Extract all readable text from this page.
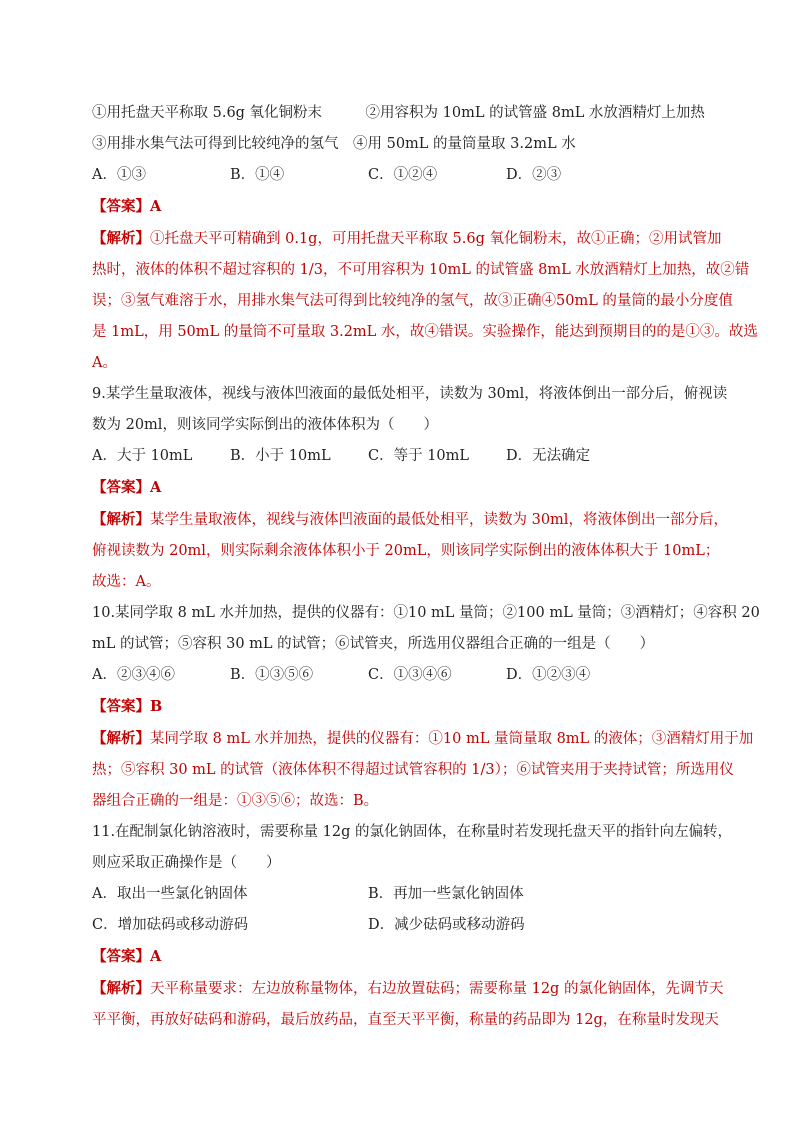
①用托盘天平称取 5.6g 氧化铜粉末　　　②用容积为 10mL 的试管盛 8mL 水放酒精灯上加热
③用排水集气法可得到比较纯净的氢气　④用 50mL 的量筒量取 3.2mL 水
A．①③	B．①④	C．①②④	D．②③
【答案】A
【解析】①托盘天平可精确到 0.1g，可用托盘天平称取 5.6g 氧化铜粉末，故①正确；②用试管加
热时，液体的体积不超过容积的 1/3，不可用容积为 10mL 的试管盛 8mL 水放酒精灯上加热，故②错
误；③氢气难溶于水，用排水集气法可得到比较纯净的氢气，故③正确④50mL 的量筒的最小分度值
是 1mL，用 50mL 的量筒不可量取 3.2mL 水，故④错误。实验操作，能达到预期目的的是①③。故选
A。
9.某学生量取液体，视线与液体凹液面的最低处相平，读数为 30ml，将液体倒出一部分后，俯视读
数为 20ml，则该同学实际倒出的液体体积为（　　）
A．大于 10mL	B．小于 10mL	C．等于 10mL	D．无法确定
【答案】A
【解析】某学生量取液体，视线与液体凹液面的最低处相平，读数为 30ml，将液体倒出一部分后，
俯视读数为 20ml，则实际剩余液体体积小于 20mL，则该同学实际倒出的液体体积大于 10mL；
故选：A。
10.某同学取 8 mL 水并加热，提供的仪器有：①10 mL 量筒；②100 mL 量筒；③酒精灯；④容积 20
mL 的试管；⑤容积 30 mL 的试管；⑥试管夹，所选用仪器组合正确的一组是（　　）
A．②③④⑥	B．①③⑤⑥	C．①③④⑥	D．①②③④
【答案】B
【解析】某同学取 8 mL 水并加热，提供的仪器有：①10 mL 量筒量取 8mL 的液体；③酒精灯用于加
热；⑤容积 30 mL 的试管（液体体积不得超过试管容积的 1/3）；⑥试管夹用于夹持试管；所选用仪
器组合正确的一组是：①③⑤⑥；故选：B。
11.在配制氯化钠溶液时，需要称量 12g 的氯化钠固体，在称量时若发现托盘天平的指针向左偏转，
则应采取正确操作是（　　）
A．取出一些氯化钠固体	B．再加一些氯化钠固体
C．增加砝码或移动游码	D．减少砝码或移动游码
【答案】A
【解析】天平称量要求：左边放称量物体，右边放置砝码；需要称量 12g 的氯化钠固体，先调节天
平平衡，再放好砝码和游码，最后放药品，直至天平平衡，称量的药品即为 12g，在称量时发现天
